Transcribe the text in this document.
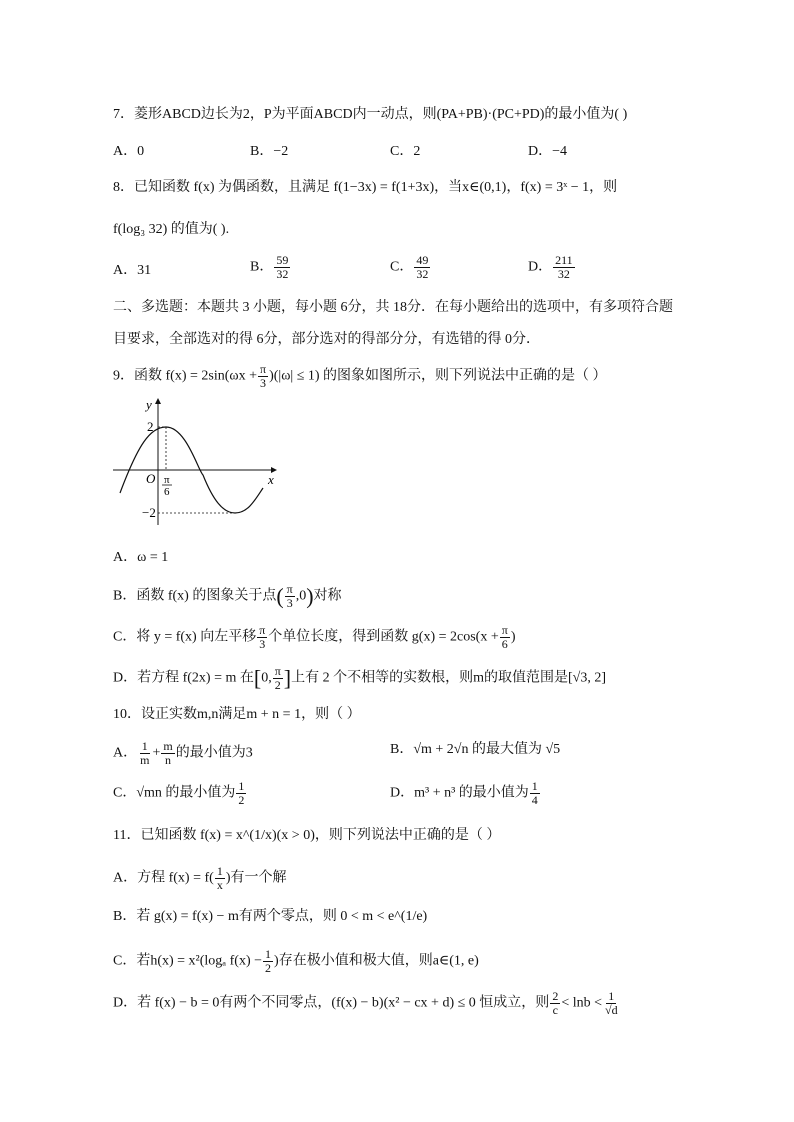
7．菱形ABCD边长为2，P为平面ABCD内一动点，则(PA+PB)·(PC+PD)的最小值为( )
A．0	B．−2	C．2	D．−4
8．已知函数 f(x) 为偶函数，且满足 f(1−3x) = f(1+3x)，当x∈(0,1)，f(x) = 3ˣ − 1，则
f(log₃ 32) 的值为( ).
A．31	B． $\frac{59}{32}$	C． $\frac{49}{32}$	D． $\frac{211}{32}$
二、多选题：本题共 3 小题，每小题 6分，共 18分．在每小题给出的选项中，有多项符合题
目要求，全部选对的得 6分，部分选对的得部分分，有选错的得 0分．
9．函数 $f(x) = 2\sin(\omega x + \frac{\pi}{3} )(|\omega| \le 1)$ 的图象如图所示，则下列说法中正确的是（ ）
y
x
O
2
−2
π
6
A．ω = 1
B．函数 f(x) 的图象关于点( $\frac{\pi}{3} ,0$)对称
C．将 y = f(x) 向左平移 $\frac{\pi}{3}$ 个单位长度，得到函数 $g(x) = 2\cos(x + \frac{\pi}{6}$ )
D．若方程 f(2x) = m 在[0, $\frac{\pi}{2}$ ]上有 2 个不相等的实数根，则m的取值范围是[√3, 2]
10．设正实数m,n满足m + n = 1，则（ ）
A． $\frac{1}{m} + \frac{m}{n}$ 的最小值为3	B．√m + 2√n 的最大值为 √5
C．√mn 的最小值为 $\frac{1}{2}$	D．m³ + n³ 的最小值为 $\frac{1}{4}$
11．已知函数 f(x) = x^(1/x)(x > 0)，则下列说法中正确的是（ ）
A．方程 $f(x) = f( \frac{1}{x}$ )有一个解
B．若 g(x) = f(x) − m有两个零点，则 0 < m < e^(1/e)
C．若h(x) = x²(logₐ $f(x) - \frac{1}{2}$ )存在极小值和极大值，则a∈(1, e)
D．若 f(x) − b = 0有两个不同零点，(f(x) − b)(x² − cx + d) ≤ 0 恒成立，则 $\frac{2}{c} < \ln b < \frac{1}{√d}$
